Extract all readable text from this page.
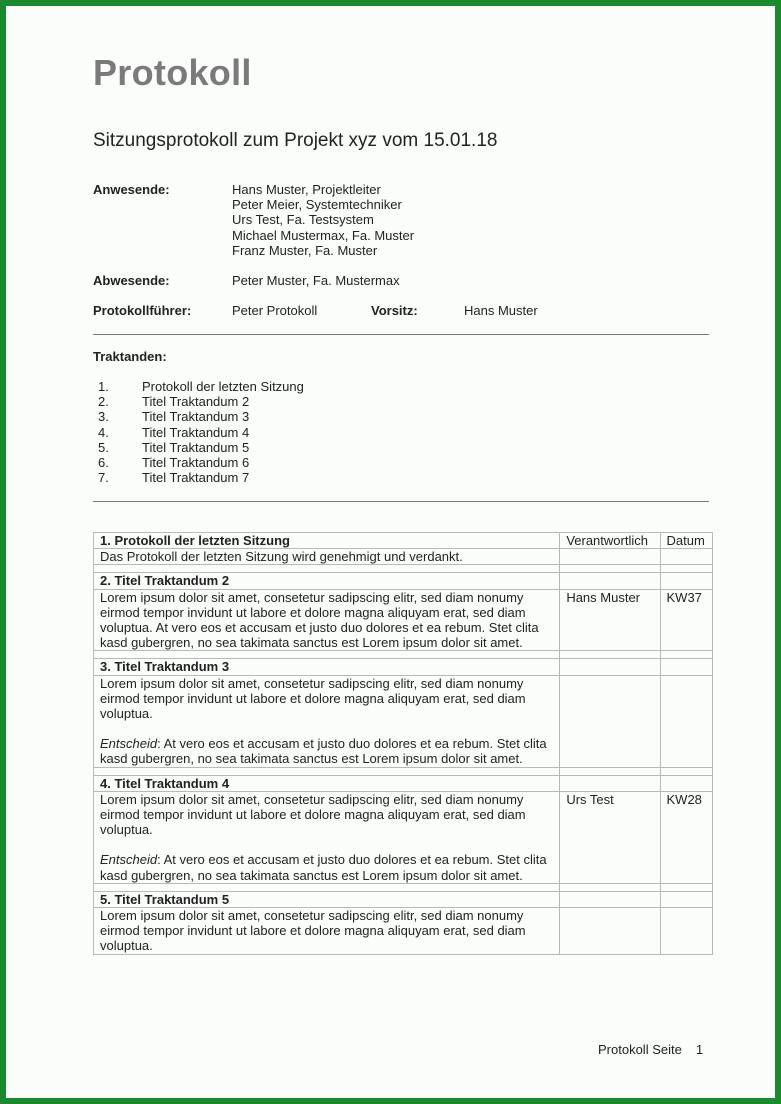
Protokoll
Sitzungsprotokoll zum Projekt xyz vom 15.01.18
Anwesende:	Hans Muster, Projektleiter
Peter Meier, Systemtechniker
Urs Test, Fa. Testsystem
Michael Mustermax, Fa. Muster
Franz Muster, Fa. Muster
Abwesende:	Peter Muster, Fa. Mustermax
Protokollführer:	Peter Protokoll	Vorsitz:	Hans Muster
Traktanden:
1.	Protokoll der letzten Sitzung
2.	Titel Traktandum 2
3.	Titel Traktandum 3
4.	Titel Traktandum 4
5.	Titel Traktandum 5
6.	Titel Traktandum 6
7.	Titel Traktandum 7
1. Protokoll der letzten Sitzung	Verantwortlich	Datum
Das Protokoll der letzten Sitzung wird genehmigt und verdankt.		

2. Titel Traktandum 2		
Lorem ipsum dolor sit amet, consetetur sadipscing elitr, sed diam nonumy eirmod tempor invidunt ut labore et dolore magna aliquyam erat, sed diam voluptua. At vero eos et accusam et justo duo dolores et ea rebum. Stet clita kasd gubergren, no sea takimata sanctus est Lorem ipsum dolor sit amet.	Hans Muster	KW37

3. Titel Traktandum 3		

Lorem ipsum dolor sit amet, consetetur sadipscing elitr, sed diam nonumy eirmod tempor invidunt ut labore et dolore magna aliquyam erat, sed diam voluptua.
Entscheid: At vero eos et accusam et justo duo dolores et ea rebum. Stet clita kasd gubergren, no sea takimata sanctus est Lorem ipsum dolor sit amet.		

4. Titel Traktandum 4		

Lorem ipsum dolor sit amet, consetetur sadipscing elitr, sed diam nonumy eirmod tempor invidunt ut labore et dolore magna aliquyam erat, sed diam voluptua.
Entscheid: At vero eos et accusam et justo duo dolores et ea rebum. Stet clita kasd gubergren, no sea takimata sanctus est Lorem ipsum dolor sit amet.	Urs Test	KW28

5. Titel Traktandum 5		
Lorem ipsum dolor sit amet, consetetur sadipscing elitr, sed diam nonumy eirmod tempor invidunt ut labore et dolore magna aliquyam erat, sed diam voluptua.		
Protokoll Seite 1
